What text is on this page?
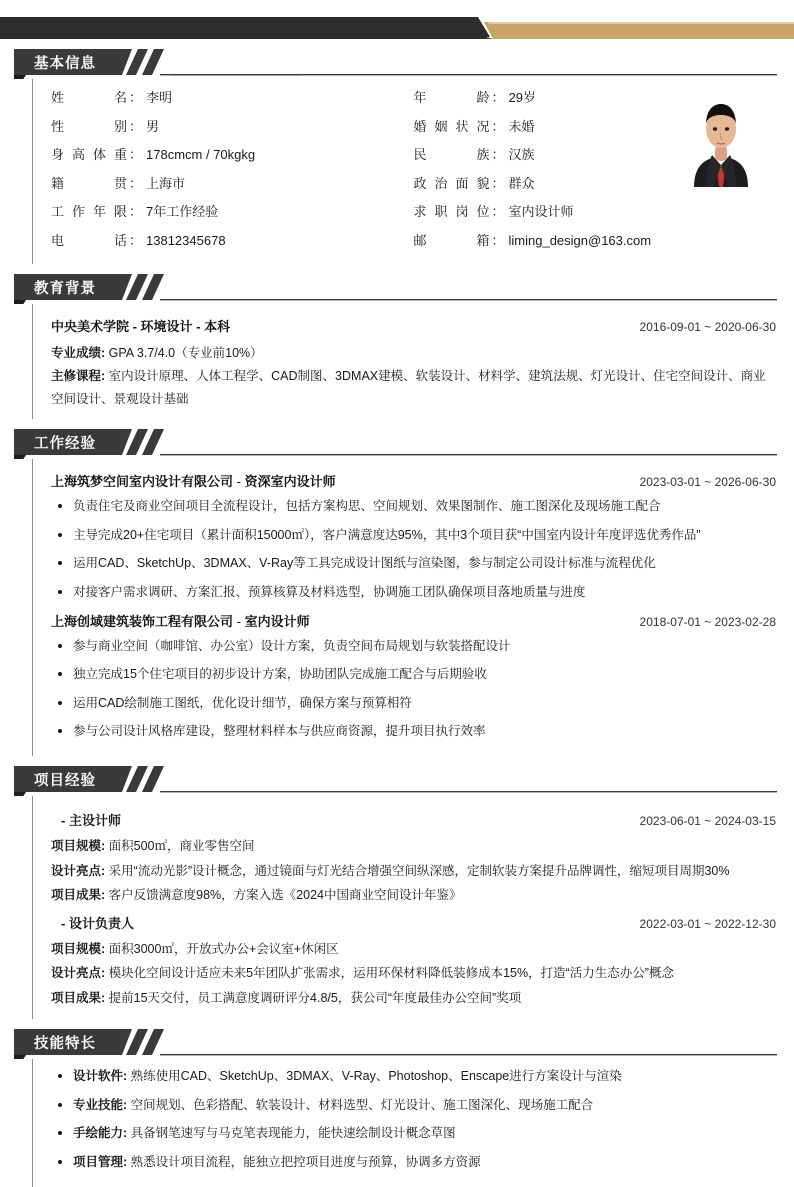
基本信息
姓　　名 ： 李明	年　　龄 ： 29岁
性　　别 ： 男	婚姻状况 ： 未婚
身高体重 ： 178cmcm / 70kgkg	民　　族 ： 汉族
籍　　贯 ： 上海市	政治面貌 ： 群众
工作年限 ： 7年工作经验	求职岗位 ： 室内设计师
电　　话 ： 13812345678	邮　　箱 ： liming_design@163.com
教育背景
中央美术学院 - 环境设计 - 本科	2016-09-01 ~ 2020-06-30
专业成绩: GPA 3.7/4.0（专业前10%）
主修课程: 室内设计原理、人体工程学、CAD制图、3DMAX建模、软装设计、材料学、建筑法规、灯光设计、住宅空间设计、商业空间设计、景观设计基础
工作经验
上海筑梦空间室内设计有限公司 - 资深室内设计师	2023-03-01 ~ 2026-06-30
负责住宅及商业空间项目全流程设计，包括方案构思、空间规划、效果图制作、施工图深化及现场施工配合
主导完成20+住宅项目（累计面积15000㎡），客户满意度达95%，其中3个项目获“中国室内设计年度评选优秀作品”
运用CAD、SketchUp、3DMAX、V-Ray等工具完成设计图纸与渲染图，参与制定公司设计标准与流程优化
对接客户需求调研、方案汇报、预算核算及材料选型，协调施工团队确保项目落地质量与进度
上海创域建筑装饰工程有限公司 - 室内设计师	2018-07-01 ~ 2023-02-28
参与商业空间（咖啡馆、办公室）设计方案，负责空间布局规划与软装搭配设计
独立完成15个住宅项目的初步设计方案，协助团队完成施工配合与后期验收
运用CAD绘制施工图纸，优化设计细节，确保方案与预算相符
参与公司设计风格库建设，整理材料样本与供应商资源，提升项目执行效率
项目经验
- 主设计师	2023-06-01 ~ 2024-03-15
项目规模: 面积500㎡，商业零售空间
设计亮点: 采用“流动光影”设计概念，通过镜面与灯光结合增强空间纵深感，定制软装方案提升品牌调性，缩短项目周期30%
项目成果: 客户反馈满意度98%，方案入选《2024中国商业空间设计年鉴》
- 设计负责人	2022-03-01 ~ 2022-12-30
项目规模: 面积3000㎡，开放式办公+会议室+休闲区
设计亮点: 模块化空间设计适应未来5年团队扩张需求，运用环保材料降低装修成本15%，打造“活力生态办公”概念
项目成果: 提前15天交付，员工满意度调研评分4.8/5，获公司“年度最佳办公空间”奖项
技能特长
设计软件: 熟练使用CAD、SketchUp、3DMAX、V-Ray、Photoshop、Enscape进行方案设计与渲染
专业技能: 空间规划、色彩搭配、软装设计、材料选型、灯光设计、施工图深化、现场施工配合
手绘能力: 具备钢笔速写与马克笔表现能力，能快速绘制设计概念草图
项目管理: 熟悉设计项目流程，能独立把控项目进度与预算，协调多方资源
